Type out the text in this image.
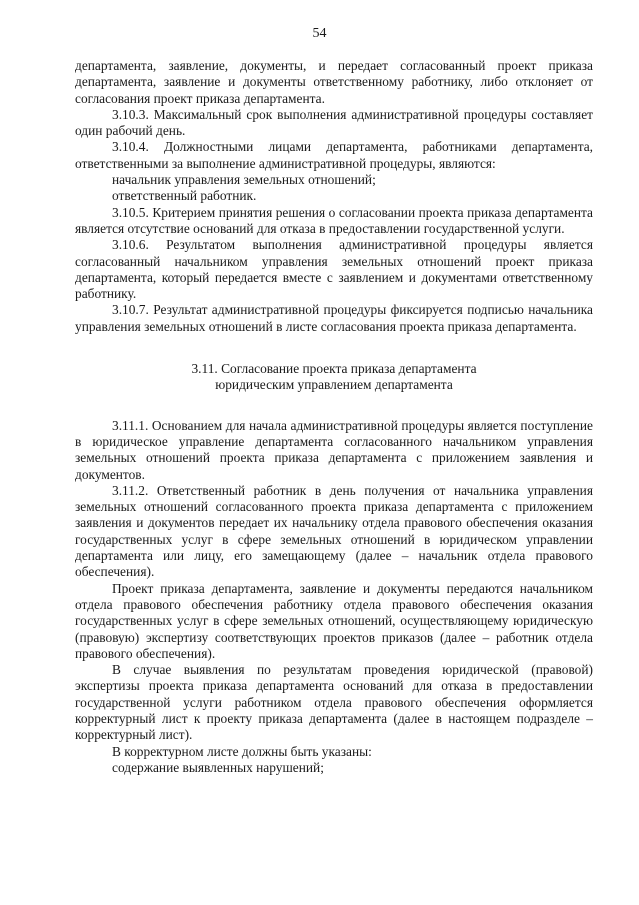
54

департамента, заявление, документы, и передает согласованный проект приказа департамента, заявление и документы ответственному работнику, либо отклоняет от согласования проект приказа департамента.

3.10.3. Максимальный срок выполнения административной процедуры составляет один рабочий день.

3.10.4. Должностными лицами департамента, работниками департамента, ответственными за выполнение административной процедуры, являются:

начальник управления земельных отношений;

ответственный работник.

3.10.5. Критерием принятия решения о согласовании проекта приказа департамента является отсутствие оснований для отказа в предоставлении государственной услуги.

3.10.6. Результатом выполнения административной процедуры является согласованный начальником управления земельных отношений проект приказа департамента, который передается вместе с заявлением и документами ответственному работнику.

3.10.7. Результат административной процедуры фиксируется подписью начальника управления земельных отношений в листе согласования проекта приказа департамента.

3.11. Согласование проекта приказа департамента
юридическим управлением департамента

3.11.1. Основанием для начала административной процедуры является поступление в юридическое управление департамента согласованного начальником управления земельных отношений проекта приказа департамента с приложением заявления и документов.

3.11.2. Ответственный работник в день получения от начальника управления земельных отношений согласованного проекта приказа департамента с приложением заявления и документов передает их начальнику отдела правового обеспечения оказания государственных услуг в сфере земельных отношений в юридическом управлении департамента или лицу, его замещающему (далее – начальник отдела правового обеспечения).

Проект приказа департамента, заявление и документы передаются начальником отдела правового обеспечения работнику отдела правового обеспечения оказания государственных услуг в сфере земельных отношений, осуществляющему юридическую (правовую) экспертизу соответствующих проектов приказов (далее – работник отдела правового обеспечения).

В случае выявления по результатам проведения юридической (правовой) экспертизы проекта приказа департамента оснований для отказа в предоставлении государственной услуги работником отдела правового обеспечения оформляется корректурный лист к проекту приказа департамента (далее в настоящем подразделе – корректурный лист).

В корректурном листе должны быть указаны:

содержание выявленных нарушений;
